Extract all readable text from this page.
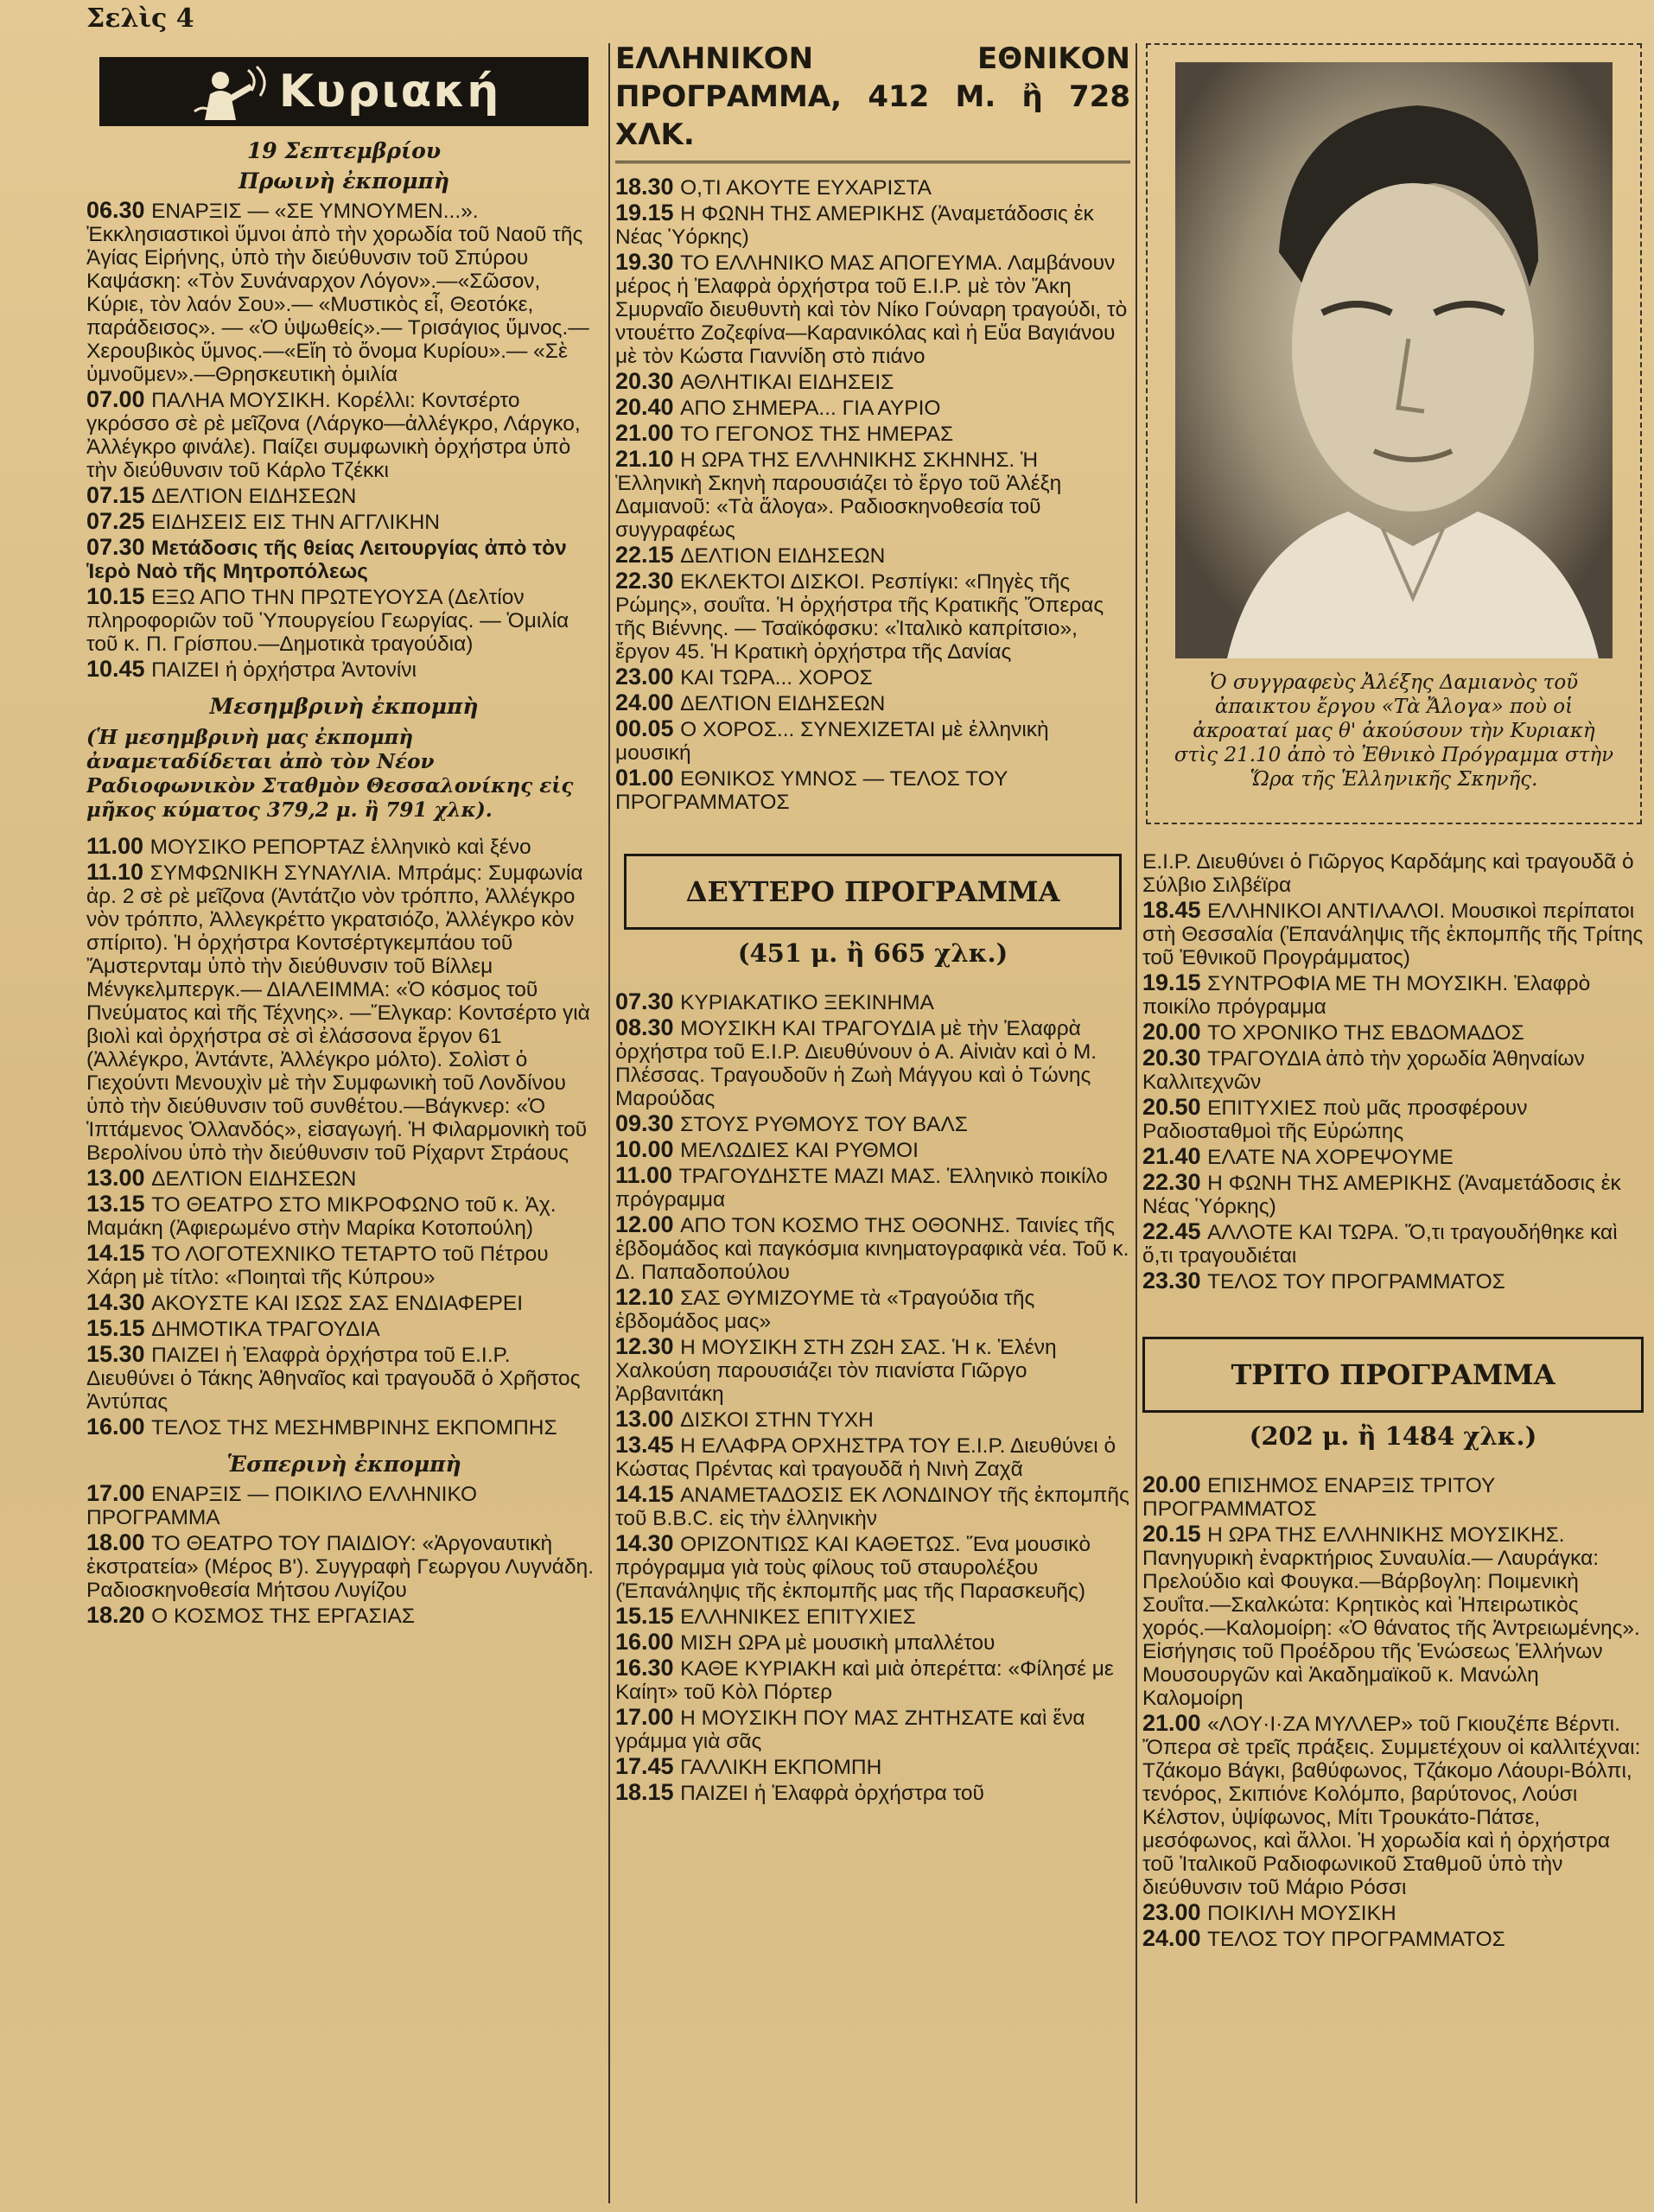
Σελὶς 4
Κυριακή
19 Σεπτεμβρίου
Πρωινὴ ἐκπομπὴ
06.30 ΕΝΑΡΞΙΣ — «ΣΕ ΥΜΝΟΥΜΕΝ...». Ἐκκλησιαστικοὶ ὕμνοι ἀπὸ τὴν χορωδία τοῦ Ναοῦ τῆς Ἁγίας Εἰρήνης, ὑπὸ τὴν διεύθυνσιν τοῦ Σπύρου Καψάσκη: «Τὸν Συνάναρχον Λόγον».—«Σῶσον, Κύριε, τὸν λαόν Σου».— «Μυστικὸς εἶ, Θεοτόκε, παράδεισος». — «Ὁ ὑψωθείς».— Τρισάγιος ὕμνος.— Χερουβικὸς ὕμνος.—«Εἴη τὸ ὄνομα Κυρίου».— «Σὲ ὑμνοῦμεν».—Θρησκευτικὴ ὁμιλία
07.00 ΠΑΛΗΑ ΜΟΥΣΙΚΗ. Κορέλλι: Κοντσέρτο γκρόσσο σὲ ρὲ μεῖζονα (Λάργκο—ἀλλέγκρο, Λάργκο, Ἀλλέγκρο φινάλε). Παίζει συμφωνικὴ ὀρχήστρα ὑπὸ τὴν διεύθυνσιν τοῦ Κάρλο Τζέκκι
07.15 ΔΕΛΤΙΟΝ ΕΙΔΗΣΕΩΝ
07.25 ΕΙΔΗΣΕΙΣ ΕΙΣ ΤΗΝ ΑΓΓΛΙΚΗΝ
07.30 Μετάδοσις τῆς θείας Λειτουργίας ἀπὸ τὸν Ἱερὸ Ναὸ τῆς Μητροπόλεως
10.15 ΕΞΩ ΑΠΟ ΤΗΝ ΠΡΩΤΕΥΟΥΣΑ (Δελτίον πληροφοριῶν τοῦ Ὑπουργείου Γεωργίας. — Ὁμιλία τοῦ κ. Π. Γρίσπου.—Δημοτικὰ τραγούδια)
10.45 ΠΑΙΖΕΙ ἡ ὀρχήστρα Ἀντονίνι
Μεσημβρινὴ ἐκπομπὴ
(Ἡ μεσημβρινὴ μας ἐκπομπὴ ἀναμεταδίδεται ἀπὸ τὸν Νέον Ραδιοφωνικὸν Σταθμὸν Θεσσαλονίκης εἰς μῆκος κύματος 379,2 μ. ἢ 791 χλκ).
11.00 ΜΟΥΣΙΚΟ ΡΕΠΟΡΤΑΖ ἑλληνικὸ καὶ ξένο
11.10 ΣΥΜΦΩΝΙΚΗ ΣΥΝΑΥΛΙΑ. Μπράμς: Συμφωνία ἀρ. 2 σὲ ρὲ μεῖζονα (Ἀντάτζιο νὸν τρόππο, Ἀλλέγκρο νὸν τρόππο, Ἀλλεγκρέττο γκρατσιόζο, Ἀλλέγκρο κὸν σπίριτο). Ἡ ὀρχήστρα Κοντσέρτγκεμπάου τοῦ Ἄμστερνταμ ὑπὸ τὴν διεύθυνσιν τοῦ Βίλλεμ Μένγκελμπεργκ.— ΔΙΑΛΕΙΜΜΑ: «Ὁ κόσμος τοῦ Πνεύματος καὶ τῆς Τέχνης». —Ἔλγκαρ: Κοντσέρτο γιὰ βιολὶ καὶ ὀρχήστρα σὲ σὶ ἐλάσσονα ἔργον 61 (Ἀλλέγκρο, Ἀντάντε, Ἀλλέγκρο μόλτο). Σολὶστ ὁ Γιεχούντι Μενουχὶν μὲ τὴν Συμφωνικὴ τοῦ Λονδίνου ὑπὸ τὴν διεύθυνσιν τοῦ συνθέτου.—Βάγκνερ: «Ὁ Ἱπτάμενος Ὁλλανδός», εἰσαγωγή. Ἡ Φιλαρμονικὴ τοῦ Βερολίνου ὑπὸ τὴν διεύθυνσιν τοῦ Ρίχαρντ Στράους
13.00 ΔΕΛΤΙΟΝ ΕΙΔΗΣΕΩΝ
13.15 ΤΟ ΘΕΑΤΡΟ ΣΤΟ ΜΙΚΡΟΦΩΝΟ τοῦ κ. Ἀχ. Μαμάκη (Ἀφιερωμένο στὴν Μαρίκα Κοτοπούλη)
14.15 ΤΟ ΛΟΓΟΤΕΧΝΙΚΟ ΤΕΤΑΡΤΟ τοῦ Πέτρου Χάρη μὲ τίτλο: «Ποιηταὶ τῆς Κύπρου»
14.30 ΑΚΟΥΣΤΕ ΚΑΙ ΙΣΩΣ ΣΑΣ ΕΝΔΙΑΦΕΡΕΙ
15.15 ΔΗΜΟΤΙΚΑ ΤΡΑΓΟΥΔΙΑ
15.30 ΠΑΙΖΕΙ ἡ Ἐλαφρὰ ὀρχήστρα τοῦ Ε.Ι.Ρ. Διευθύνει ὁ Τάκης Ἀθηναῖος καὶ τραγουδᾶ ὁ Χρῆστος Ἀντύπας
16.00 ΤΕΛΟΣ ΤΗΣ ΜΕΣΗΜΒΡΙΝΗΣ ΕΚΠΟΜΠΗΣ
Ἑσπερινὴ ἐκπομπὴ
17.00 ΕΝΑΡΞΙΣ — ΠΟΙΚΙΛΟ ΕΛΛΗΝΙΚΟ ΠΡΟΓΡΑΜΜΑ
18.00 ΤΟ ΘΕΑΤΡΟ ΤΟΥ ΠΑΙΔΙΟΥ: «Ἀργοναυτικὴ ἐκστρατεία» (Μέρος Β'). Συγγραφὴ Γεωργου Λυγνάδη. Ραδιοσκηνοθεσία Μήτσου Λυγίζου
18.20 Ο ΚΟΣΜΟΣ ΤΗΣ ΕΡΓΑΣΙΑΣ
ΕΛΛΗΝΙΚΟΝ ΕΘΝΙΚΟΝ ΠΡΟΓΡΑΜΜΑ, 412 Μ. ἢ 728 ΧΛΚ.
18.30 Ο,ΤΙ ΑΚΟΥΤΕ ΕΥΧΑΡΙΣΤΑ
19.15 Η ΦΩΝΗ ΤΗΣ ΑΜΕΡΙΚΗΣ (Ἀναμετάδοσις ἐκ Νέας Ὑόρκης)
19.30 ΤΟ ΕΛΛΗΝΙΚΟ ΜΑΣ ΑΠΟΓΕΥΜΑ. Λαμβάνουν μέρος ἡ Ἐλαφρὰ ὀρχήστρα τοῦ Ε.Ι.Ρ. μὲ τὸν Ἄκη Σμυρναῖο διευθυντὴ καὶ τὸν Νίκο Γούναρη τραγούδι, τὸ ντουέττο Ζοζεφίνα—Καρανικόλας καὶ ἡ Εὔα Βαγιάνου μὲ τὸν Κώστα Γιαννίδη στὸ πιάνο
20.30 ΑΘΛΗΤΙΚΑΙ ΕΙΔΗΣΕΙΣ
20.40 ΑΠΟ ΣΗΜΕΡΑ... ΓΙΑ ΑΥΡΙΟ
21.00 ΤΟ ΓΕΓΟΝΟΣ ΤΗΣ ΗΜΕΡΑΣ
21.10 Η ΩΡΑ ΤΗΣ ΕΛΛΗΝΙΚΗΣ ΣΚΗΝΗΣ. Ἡ Ἑλληνικὴ Σκηνὴ παρουσιάζει τὸ ἔργο τοῦ Ἀλέξη Δαμιανοῦ: «Τὰ ἄλογα». Ραδιοσκηνοθεσία τοῦ συγγραφέως
22.15 ΔΕΛΤΙΟΝ ΕΙΔΗΣΕΩΝ
22.30 ΕΚΛΕΚΤΟΙ ΔΙΣΚΟΙ. Ρεσπίγκι: «Πηγὲς τῆς Ρώμης», σουΐτα. Ἡ ὀρχήστρα τῆς Κρατικῆς Ὄπερας τῆς Βιέννης. — Τσαϊκόφσκυ: «Ἰταλικὸ καπρίτσιο», ἔργον 45. Ἡ Κρατικὴ ὀρχήστρα τῆς Δανίας
23.00 ΚΑΙ ΤΩΡΑ... ΧΟΡΟΣ
24.00 ΔΕΛΤΙΟΝ ΕΙΔΗΣΕΩΝ
00.05 Ο ΧΟΡΟΣ... ΣΥΝΕΧΙΖΕΤΑΙ μὲ ἑλληνικὴ μουσική
01.00 ΕΘΝΙΚΟΣ ΥΜΝΟΣ — ΤΕΛΟΣ ΤΟΥ ΠΡΟΓΡΑΜΜΑΤΟΣ
ΔΕΥΤΕΡΟ ΠΡΟΓΡΑΜΜΑ
(451 μ. ἢ 665 χλκ.)
07.30 ΚΥΡΙΑΚΑΤΙΚΟ ΞΕΚΙΝΗΜΑ
08.30 ΜΟΥΣΙΚΗ ΚΑΙ ΤΡΑΓΟΥΔΙΑ μὲ τὴν Ἐλαφρὰ ὀρχήστρα τοῦ Ε.Ι.Ρ. Διευθύνουν ὁ Α. Αἰνιὰν καὶ ὁ Μ. Πλέσσας. Τραγουδοῦν ἡ Ζωὴ Μάγγου καὶ ὁ Τώνης Μαρούδας
09.30 ΣΤΟΥΣ ΡΥΘΜΟΥΣ ΤΟΥ ΒΑΛΣ
10.00 ΜΕΛΩΔΙΕΣ ΚΑΙ ΡΥΘΜΟΙ
11.00 ΤΡΑΓΟΥΔΗΣΤΕ ΜΑΖΙ ΜΑΣ. Ἑλληνικὸ ποικίλο πρόγραμμα
12.00 ΑΠΟ ΤΟΝ ΚΟΣΜΟ ΤΗΣ ΟΘΟΝΗΣ. Ταινίες τῆς ἑβδομάδος καὶ παγκόσμια κινηματογραφικὰ νέα. Τοῦ κ. Δ. Παπαδοπούλου
12.10 ΣΑΣ ΘΥΜΙΖΟΥΜΕ τὰ «Τραγούδια τῆς ἑβδομάδος μας»
12.30 Η ΜΟΥΣΙΚΗ ΣΤΗ ΖΩΗ ΣΑΣ. Ἡ κ. Ἑλένη Χαλκούση παρουσιάζει τὸν πιανίστα Γιῶργο Ἀρβανιτάκη
13.00 ΔΙΣΚΟΙ ΣΤΗΝ ΤΥΧΗ
13.45 Η ΕΛΑΦΡΑ ΟΡΧΗΣΤΡΑ ΤΟΥ Ε.Ι.Ρ. Διευθύνει ὁ Κώστας Πρέντας καὶ τραγουδᾶ ἡ Νινὴ Ζαχᾶ
14.15 ΑΝΑΜΕΤΑΔΟΣΙΣ ΕΚ ΛΟΝΔΙΝΟΥ τῆς ἐκπομπῆς τοῦ B.B.C. εἰς τὴν ἑλληνικὴν
14.30 ΟΡΙΖΟΝΤΙΩΣ ΚΑΙ ΚΑΘΕΤΩΣ. Ἕνα μουσικὸ πρόγραμμα γιὰ τοὺς φίλους τοῦ σταυρολέξου (Ἐπανάληψις τῆς ἐκπομπῆς μας τῆς Παρασκευῆς)
15.15 ΕΛΛΗΝΙΚΕΣ ΕΠΙΤΥΧΙΕΣ
16.00 ΜΙΣΗ ΩΡΑ μὲ μουσικὴ μπαλλέτου
16.30 ΚΑΘΕ ΚΥΡΙΑΚΗ καὶ μιὰ ὀπερέττα: «Φίλησέ με Καίητ» τοῦ Κὸλ Πόρτερ
17.00 Η ΜΟΥΣΙΚΗ ΠΟΥ ΜΑΣ ΖΗΤΗΣΑΤΕ καὶ ἕνα γράμμα γιὰ σᾶς
17.45 ΓΑΛΛΙΚΗ ΕΚΠΟΜΠΗ
18.15 ΠΑΙΖΕΙ ἡ Ἐλαφρὰ ὀρχήστρα τοῦ
Ὁ συγγραφεὺς Ἀλέξης Δαμιανὸς τοῦ ἀπαικτου ἔργου «Τὰ Ἄλογα» ποὺ οἱ ἀκροαταί μας θ' ἀκούσουν τὴν Κυριακὴ στὶς 21.10 ἀπὸ τὸ Ἐθνικὸ Πρόγραμμα στὴν Ὥρα τῆς Ἑλληνικῆς Σκηνῆς.
Ε.Ι.Ρ. Διευθύνει ὁ Γιῶργος Καρδάμης καὶ τραγουδᾶ ὁ Σύλβιο Σιλβέϊρα
18.45 ΕΛΛΗΝΙΚΟΙ ΑΝΤΙΛΑΛΟΙ. Μουσικοὶ περίπατοι στὴ Θεσσαλία (Ἐπανάληψις τῆς ἐκπομπῆς τῆς Τρίτης τοῦ Ἐθνικοῦ Προγράμματος)
19.15 ΣΥΝΤΡΟΦΙΑ ΜΕ ΤΗ ΜΟΥΣΙΚΗ. Ἐλαφρὸ ποικίλο πρόγραμμα
20.00 ΤΟ ΧΡΟΝΙΚΟ ΤΗΣ ΕΒΔΟΜΑΔΟΣ
20.30 ΤΡΑΓΟΥΔΙΑ ἀπὸ τὴν χορωδία Ἀθηναίων Καλλιτεχνῶν
20.50 ΕΠΙΤΥΧΙΕΣ ποὺ μᾶς προσφέρουν Ραδιοσταθμοὶ τῆς Εὐρώπης
21.40 ΕΛΑΤΕ ΝΑ ΧΟΡΕΨΟΥΜΕ
22.30 Η ΦΩΝΗ ΤΗΣ ΑΜΕΡΙΚΗΣ (Ἀναμετάδοσις ἐκ Νέας Ὑόρκης)
22.45 ΑΛΛΟΤΕ ΚΑΙ ΤΩΡΑ. Ὅ,τι τραγουδήθηκε καὶ ὅ,τι τραγουδιέται
23.30 ΤΕΛΟΣ ΤΟΥ ΠΡΟΓΡΑΜΜΑΤΟΣ
ΤΡΙΤΟ ΠΡΟΓΡΑΜΜΑ
(202 μ. ἢ 1484 χλκ.)
20.00 ΕΠΙΣΗΜΟΣ ΕΝΑΡΞΙΣ ΤΡΙΤΟΥ ΠΡΟΓΡΑΜΜΑΤΟΣ
20.15 Η ΩΡΑ ΤΗΣ ΕΛΛΗΝΙΚΗΣ ΜΟΥΣΙΚΗΣ. Πανηγυρικὴ ἐναρκτήριος Συναυλία.— Λαυράγκα: Πρελούδιο καὶ Φουγκα.—Βάρβογλη: Ποιμενικὴ Σουΐτα.—Σκαλκώτα: Κρητικὸς καὶ Ἠπειρωτικὸς χορός.—Καλομοίρη: «Ὁ θάνατος τῆς Ἀντρειωμένης». Εἰσήγησις τοῦ Προέδρου τῆς Ἑνώσεως Ἑλλήνων Μουσουργῶν καὶ Ἀκαδημαϊκοῦ κ. Μανώλη Καλομοίρη
21.00 «ΛΟΥ·Ι·ΖΑ ΜΥΛΛΕΡ» τοῦ Γκιουζέπε Βέρντι. Ὄπερα σὲ τρεῖς πράξεις. Συμμετέχουν οἱ καλλιτέχναι: Τζάκομο Βάγκι, βαθύφωνος, Τζάκομο Λάουρι-Βόλπι, τενόρος, Σκιπιόνε Κολόμπο, βαρύτονος, Λούσι Κέλστον, ὑψίφωνος, Μίτι Τρουκάτο-Πάτσε, μεσόφωνος, καὶ ἄλλοι. Ἡ χορωδία καὶ ἡ ὀρχήστρα τοῦ Ἰταλικοῦ Ραδιοφωνικοῦ Σταθμοῦ ὑπὸ τὴν διεύθυνσιν τοῦ Μάριο Ρόσσι
23.00 ΠΟΙΚΙΛΗ ΜΟΥΣΙΚΗ
24.00 ΤΕΛΟΣ ΤΟΥ ΠΡΟΓΡΑΜΜΑΤΟΣ
